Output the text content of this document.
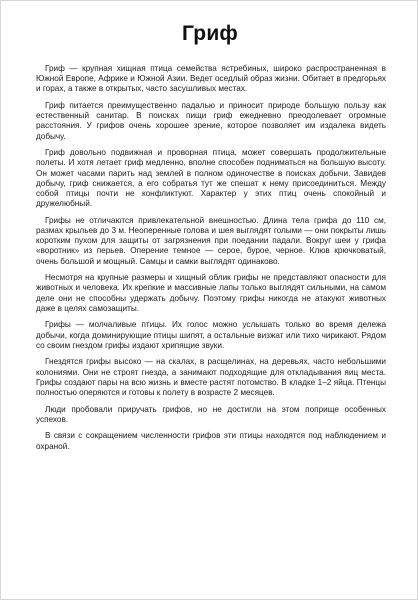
Гриф

Гриф — крупная хищная птица семейства ястребиных, широко распространенная в Южной Европе, Африке и Южной Азии. Ведет оседлый образ жизни. Обитает в предгорьях и горах, а также в открытых, часто засушливых местах.

Гриф питается преимущественно падалью и приносит природе большую пользу как естественный санитар. В поисках пищи гриф ежедневно преодолевает огромные расстояния. У грифов очень хорошее зрение, которое позволяет им издалека видеть добычу.

Гриф довольно подвижная и проворная птица, может совершать продолжительные полеты. И хотя летает гриф медленно, вполне способен подниматься на большую высоту. Он может часами парить над землей в полном одиночестве в поисках добычи. Завидев добычу, гриф снижается, а его собратья тут же спешат к нему присоединиться. Между собой птицы почти не конфликтуют. Характер у этих птиц очень спокойный и дружелюбный.

Грифы не отличаются привлекательной внешностью. Длина тела грифа до 110 см, размах крыльев до 3 м. Неоперенные голова и шея выглядят голыми — они покрыты лишь коротким пухом для защиты от загрязнения при поедании падали. Вокруг шеи у грифа «воротник» из перьев. Оперение темное — серое, бурое, черное. Клюв крючковатый, очень большой и мощный. Самцы и самки выглядят одинаково.

Несмотря на крупные размеры и хищный облик грифы не представляют опасности для животных и человека. Их крепкие и массивные лапы только выглядят сильными, на самом деле они не способны удержать добычу. Поэтому грифы никогда не атакуют животных даже в целях самозащиты.

Грифы — молчаливые птицы. Их голос можно услышать только во время дележа добычи, когда доминирующие птицы шипят, а остальные визжат или тихо чирикают. Рядом со своим гнездом грифы издают хрипящие звуки.

Гнездятся грифы высоко — на скалах, в расщелинах, на деревьях, часто небольшими колониями. Они не строят гнезда, а занимают подходящие для откладывания яиц места. Грифы создают пары на всю жизнь и вместе растят потомство. В кладке 1–2 яйца. Птенцы полностью оперяются и готовы к полету в возрасте 2 месяцев.

Люди пробовали приручать грифов, но не достигли на этом поприще особенных успехов.

В связи с сокращением численности грифов эти птицы находятся под наблюдением и охраной.
